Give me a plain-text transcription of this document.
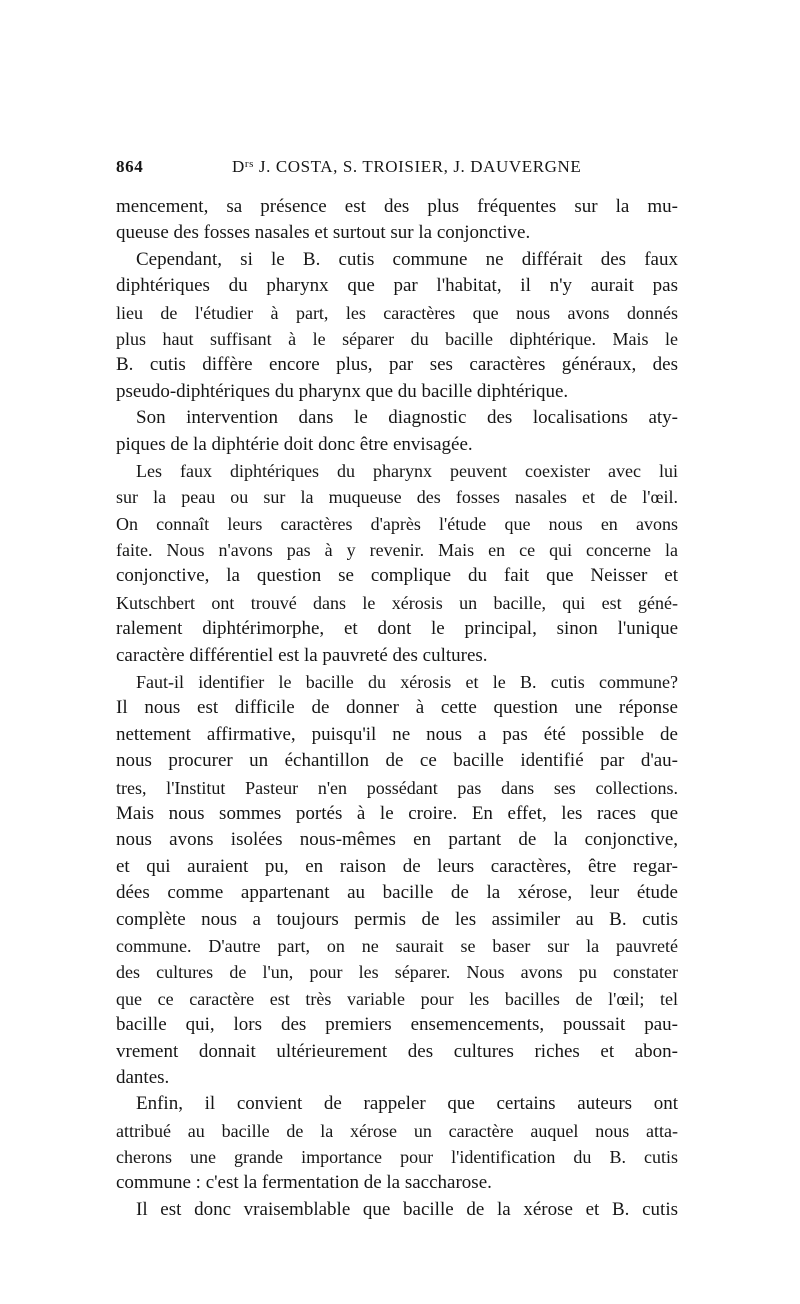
864	$D^{rs}$ J. COSTA, S. TROISIER, J. DAUVERGNE
mencement, sa présence est des plus fréquentes sur la mu-
queuse des fosses nasales et surtout sur la conjonctive.
Cependant, si le B. cutis commune ne différait des faux
diphtériques du pharynx que par l'habitat, il n'y aurait pas
lieu de l'étudier à part, les caractères que nous avons donnés
plus haut suffisant à le séparer du bacille diphtérique. Mais le
B. cutis diffère encore plus, par ses caractères généraux, des
pseudo-diphtériques du pharynx que du bacille diphtérique.
Son intervention dans le diagnostic des localisations aty-
piques de la diphtérie doit donc être envisagée.
Les faux diphtériques du pharynx peuvent coexister avec lui
sur la peau ou sur la muqueuse des fosses nasales et de l'œil.
On connaît leurs caractères d'après l'étude que nous en avons
faite. Nous n'avons pas à y revenir. Mais en ce qui concerne la
conjonctive, la question se complique du fait que Neisser et
Kutschbert ont trouvé dans le xérosis un bacille, qui est géné-
ralement diphtérimorphe, et dont le principal, sinon l'unique
caractère différentiel est la pauvreté des cultures.
Faut-il identifier le bacille du xérosis et le B. cutis commune?
Il nous est difficile de donner à cette question une réponse
nettement affirmative, puisqu'il ne nous a pas été possible de
nous procurer un échantillon de ce bacille identifié par d'au-
tres, l'Institut Pasteur n'en possédant pas dans ses collections.
Mais nous sommes portés à le croire. En effet, les races que
nous avons isolées nous-mêmes en partant de la conjonctive,
et qui auraient pu, en raison de leurs caractères, être regar-
dées comme appartenant au bacille de la xérose, leur étude
complète nous a toujours permis de les assimiler au B. cutis
commune. D'autre part, on ne saurait se baser sur la pauvreté
des cultures de l'un, pour les séparer. Nous avons pu constater
que ce caractère est très variable pour les bacilles de l'œil; tel
bacille qui, lors des premiers ensemencements, poussait pau-
vrement donnait ultérieurement des cultures riches et abon-
dantes.
Enfin, il convient de rappeler que certains auteurs ont
attribué au bacille de la xérose un caractère auquel nous atta-
cherons une grande importance pour l'identification du B. cutis
commune : c'est la fermentation de la saccharose.
Il est donc vraisemblable que bacille de la xérose et B. cutis
